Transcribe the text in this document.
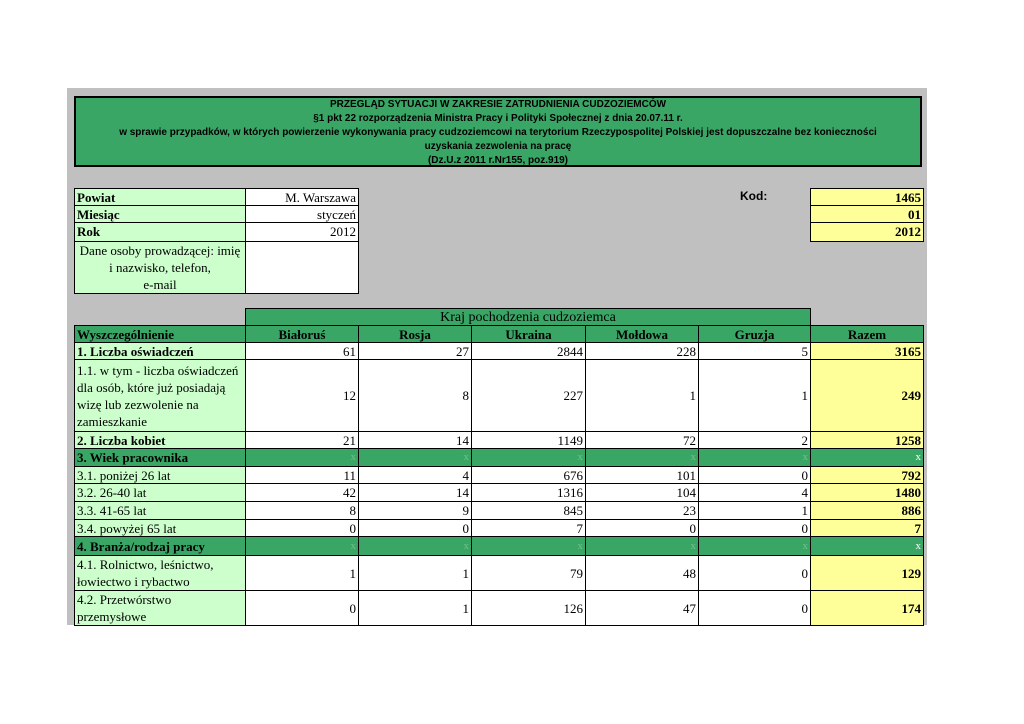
PRZEGLĄD SYTUACJI W ZAKRESIE ZATRUDNIENIA CUDZOZIEMCÓW
§1 pkt 22 rozporządzenia Ministra Pracy i Polityki Społecznej z dnia 20.07.11 r.
w sprawie przypadków, w których powierzenie wykonywania pracy cudzoziemcowi na terytorium Rzeczypospolitej Polskiej jest dopuszczalne bez konieczności
uzyskania zezwolenia na pracę
(Dz.U.z 2011 r.Nr155, poz.919)
Powiat	M. Warszawa
Miesiąc	styczeń
Rok	2012
Dane osoby prowadzącej: imię
i nazwisko, telefon,
e-mail
Kod:	1465
01
2012
Kraj pochodzenia cudzoziemca
Wyszczególnienie	Białoruś	Rosja	Ukraina	Mołdowa	Gruzja	Razem
1. Liczba oświadczeń	61	27	2844	228	5	3165
1.1. w tym - liczba oświadczeń
dla osób, które już posiadają
wizę lub zezwolenie na
zamieszkanie
12	8	227	1	1	249
2. Liczba kobiet	21	14	1149	72	2	1258
3. Wiek pracownika	x	x	x	x	x	x
3.1. poniżej 26 lat	11	4	676	101	0	792
3.2. 26-40 lat	42	14	1316	104	4	1480
3.3. 41-65 lat	8	9	845	23	1	886
3.4. powyżej 65 lat	0	0	7	0	0	7
4. Branża/rodzaj pracy	x	x	x	x	x	x
4.1. Rolnictwo, leśnictwo,
łowiectwo i rybactwo
1	1	79	48	0	129
4.2. Przetwórstwo
przemysłowe
0	1	126	47	0	174
